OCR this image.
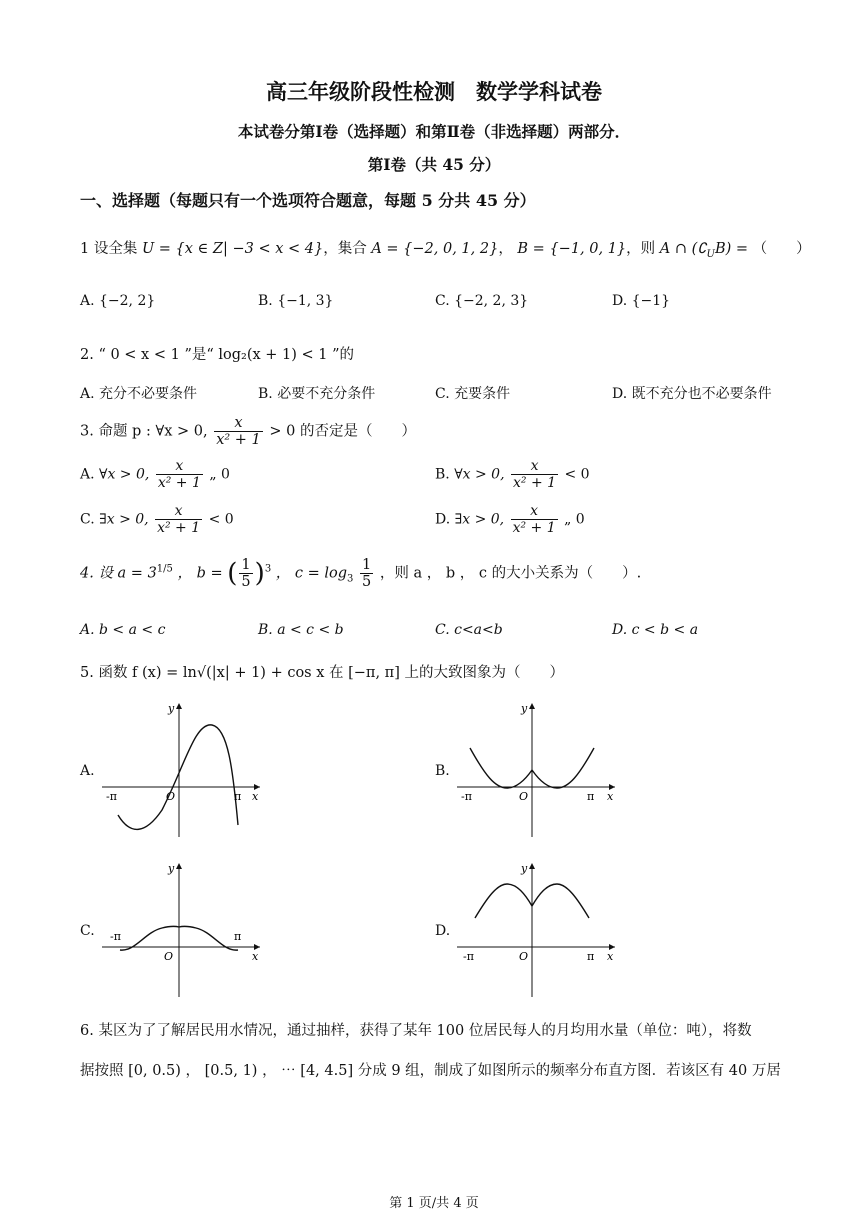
高三年级阶段性检测　数学学科试卷
本试卷分第Ⅰ卷（选择题）和第Ⅱ卷（非选择题）两部分．
第Ⅰ卷（共 45 分）
一、选择题（每题只有一个选项符合题意，每题 5 分共 45 分）
1 设全集 U = {x ∈ Z| −3 < x < 4}，集合 A = {−2, 0, 1, 2}， B = {−1, 0, 1}，则 A ∩ $(∁_UB)$ = （　　）
A. {−2, 2}	B. {−1, 3}	C. {−2, 2, 3}	D. {−1}
2. “ 0 < x < 1 ”是“ log₂(x + 1) < 1 ”的
A. 充分不必要条件	B. 必要不充分条件	C. 充要条件	D. 既不充分也不必要条件
3. 命题 p : ∀x > 0, $\frac{x}{\text{x² + 1}} > 0$ 的否定是（　　）
A. ∀x > 0, $\frac{x}{\text{x² + 1}}$ „ 0	B. ∀x > 0, $\frac{x}{\text{x² + 1}} < 0$
C. ∃x > 0, $\frac{x}{\text{x² + 1}} < 0$	D. ∃x > 0, $\frac{x}{\text{x² + 1}}$ „ 0
4. 设 $a = 3^{1/5}$ ， b = ( $\frac{1}{5} )^3$ ， $c = \log_3 \frac{1}{5}$ ，则 a ， b ， c 的大小关系为（　　）.
A. b < a < c	B. a < c < b	C. c<a<b	D. c < b < a
5. 函数 f (x) = ln√(|x| + 1) + cos x 在 [−π, π] 上的大致图象为（　　）
A.	B.
C.	D.
y
x
O
-π	π
y
x
O
-π	π
y
x
O
-π	π
y
x
O
-π	π
6. 某区为了了解居民用水情况，通过抽样，获得了某年 100 位居民每人的月均用水量（单位：吨），将数
据按照 [0, 0.5) ， [0.5, 1) ， ⋯ [4, 4.5] 分成 9 组，制成了如图所示的频率分布直方图．若该区有 40 万居
第 1 页/共 4 页
